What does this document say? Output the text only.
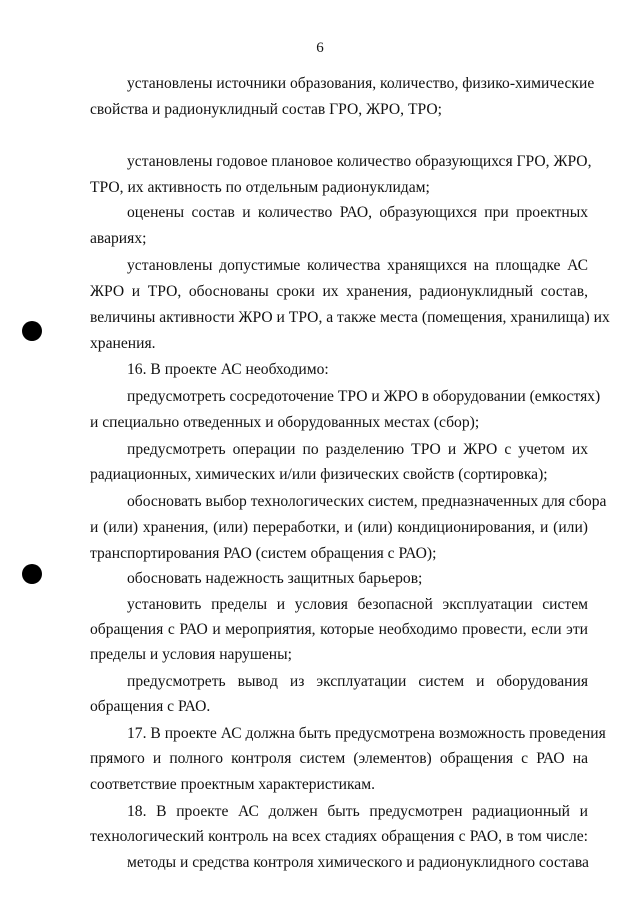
6
установлены источники образования, количество, физико-химические
свойства и радионуклидный состав ГРО, ЖРО, ТРО;
установлены годовое плановое количество образующихся ГРО, ЖРО,
ТРО, их активность по отдельным радионуклидам;
оценены состав и количество РАО, образующихся при проектных
авариях;
установлены допустимые количества хранящихся на площадке АС
ЖРО и ТРО, обоснованы сроки их хранения, радионуклидный состав,
величины активности ЖРО и ТРО, а также места (помещения, хранилища) их
хранения.
16. В проекте АС необходимо:
предусмотреть сосредоточение ТРО и ЖРО в оборудовании (емкостях)
и специально отведенных и оборудованных местах (сбор);
предусмотреть операции по разделению ТРО и ЖРО с учетом их
радиационных, химических и/или физических свойств (сортировка);
обосновать выбор технологических систем, предназначенных для сбора
и (или) хранения, (или) переработки, и (или) кондиционирования, и (или)
транспортирования РАО (систем обращения с РАО);
обосновать надежность защитных барьеров;
установить пределы и условия безопасной эксплуатации систем
обращения с РАО и мероприятия, которые необходимо провести, если эти
пределы и условия нарушены;
предусмотреть вывод из эксплуатации систем и оборудования
обращения с РАО.
17. В проекте АС должна быть предусмотрена возможность проведения
прямого и полного контроля систем (элементов) обращения с РАО на
соответствие проектным характеристикам.
18. В проекте АС должен быть предусмотрен радиационный и
технологический контроль на всех стадиях обращения с РАО, в том числе:
методы и средства контроля химического и радионуклидного состава
